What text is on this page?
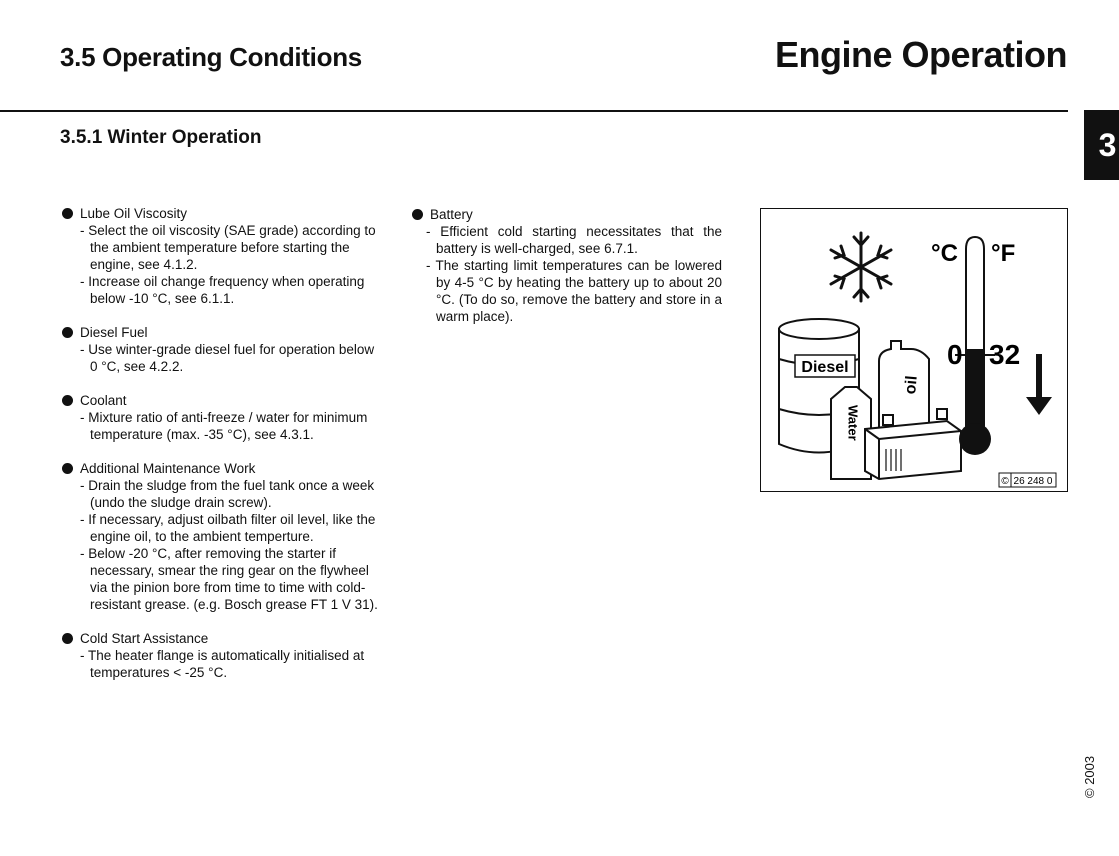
3.5 Operating Conditions	Engine Operation
3
3.5.1 Winter Operation
Lube Oil Viscosity
- Select the oil viscosity (SAE grade) according to the ambient temperature before starting the engine, see 4.1.2.
- Increase oil change frequency when operating below -10 °C, see 6.1.1.
Diesel Fuel
- Use winter-grade diesel fuel for operation below 0 °C, see 4.2.2.
Coolant
- Mixture ratio of anti-freeze / water for minimum temperature (max. -35 °C), see 4.3.1.
Additional Maintenance Work
- Drain the sludge from the fuel tank once a week (undo the sludge drain screw).
- If necessary, adjust oilbath filter oil level, like the engine oil, to the ambient temperture.
- Below -20 °C, after removing the starter if necessary, smear the ring gear on the flywheel via the pinion bore from time to time with cold-resistant grease. (e.g. Bosch grease FT 1 V 31).
Cold Start Assistance
- The heater flange is automatically initialised at temperatures < -25 °C.
Battery
- Efficient cold starting necessitates that the battery is well-charged, see 6.7.1.
- The starting limit temperatures can be lowered by 4-5 °C by heating the battery up to about 20 °C. (To do so, remove the battery and store in a warm place).
Diesel
oil
Water
°C °F
0 32
© 26 248 0
© 2003
